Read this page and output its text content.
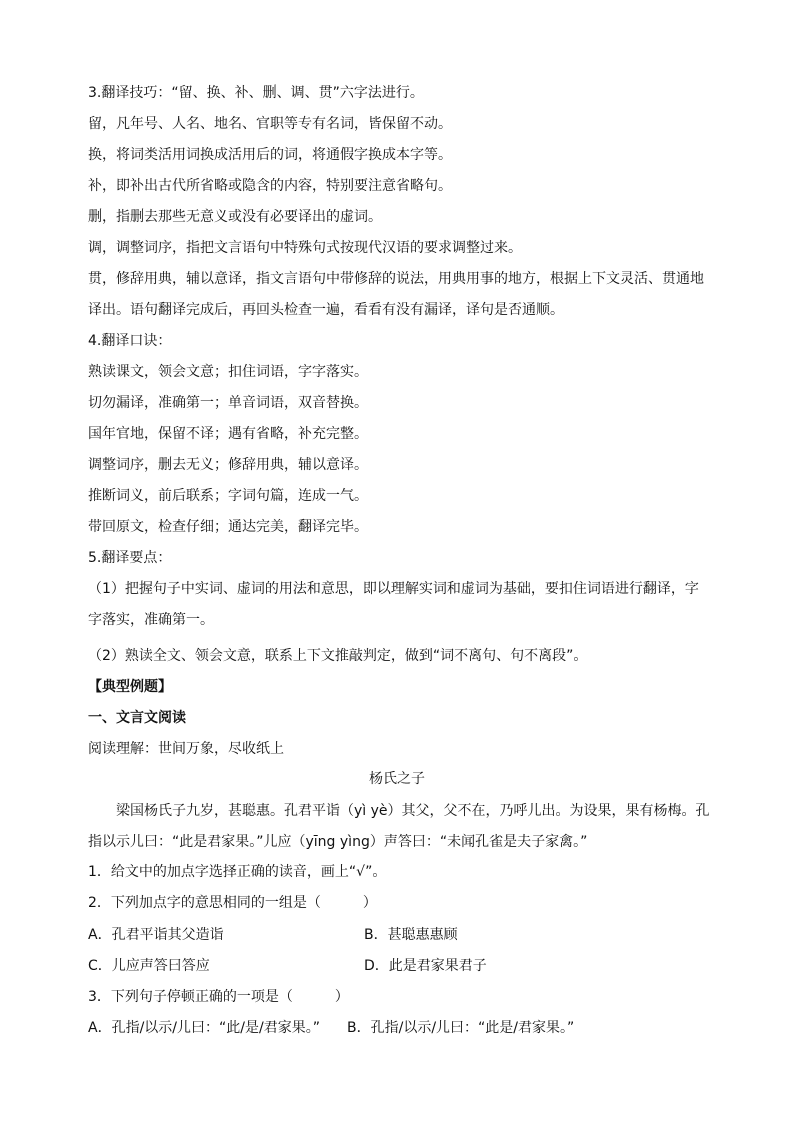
3.翻译技巧：“留、换、补、删、调、贯”六字法进行。
留，凡年号、人名、地名、官职等专有名词，皆保留不动。
换，将词类活用词换成活用后的词，将通假字换成本字等。
补，即补出古代所省略或隐含的内容，特别要注意省略句。
删，指删去那些无意义或没有必要译出的虚词。
调，调整词序，指把文言语句中特殊句式按现代汉语的要求调整过来。
贯，修辞用典，辅以意译，指文言语句中带修辞的说法，用典用事的地方，根据上下文灵活、贯通地译出。语句翻译完成后，再回头检查一遍，看看有没有漏译，译句是否通顺。
4.翻译口诀：
熟读课文，领会文意；扣住词语，字字落实。
切勿漏译，准确第一；单音词语，双音替换。
国年官地，保留不译；遇有省略，补充完整。
调整词序，删去无义；修辞用典，辅以意译。
推断词义，前后联系；字词句篇，连成一气。
带回原文，检查仔细；通达完美，翻译完毕。
5.翻译要点：
（1）把握句子中实词、虚词的用法和意思，即以理解实词和虚词为基础，要扣住词语进行翻译，字字落实，准确第一。
（2）熟读全文、领会文意，联系上下文推敲判定，做到“词不离句、句不离段”。
【典型例题】
一、文言文阅读
阅读理解：世间万象，尽收纸上
杨氏之子
梁国杨氏子九岁，甚聪惠。孔君平诣（yì yè）其父，父不在，乃呼儿出。为设果，果有杨梅。孔指以示儿曰：“此是君家果。”儿应（yīng yìng）声答曰：“未闻孔雀是夫子家禽。”
1．给文中的加点字选择正确的读音，画上“√”。
2．下列加点字的意思相同的一组是（　　　）
A．孔君平诣其父造诣	B．甚聪惠惠顾
C．儿应声答曰答应	D．此是君家果君子
3．下列句子停顿正确的一项是（　　　）
A．孔指/以示/儿曰：“此/是/君家果。” B．孔指/以示/儿曰：“此是/君家果。”
